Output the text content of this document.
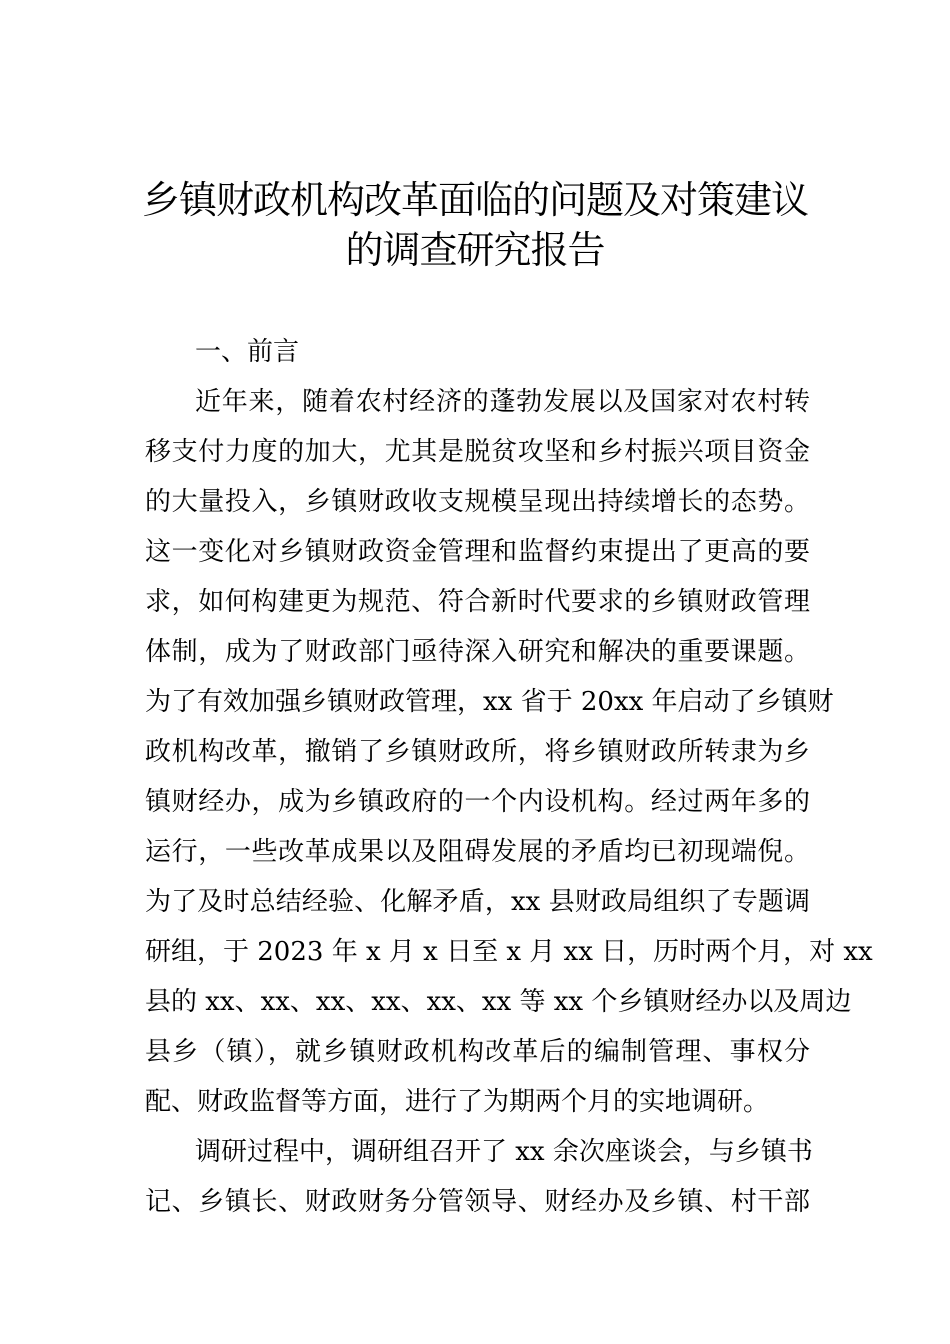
乡镇财政机构改革面临的问题及对策建议
的调查研究报告
一、前言
近年来，随着农村经济的蓬勃发展以及国家对农村转
移支付力度的加大，尤其是脱贫攻坚和乡村振兴项目资金
的大量投入，乡镇财政收支规模呈现出持续增长的态势。
这一变化对乡镇财政资金管理和监督约束提出了更高的要
求，如何构建更为规范、符合新时代要求的乡镇财政管理
体制，成为了财政部门亟待深入研究和解决的重要课题。
为了有效加强乡镇财政管理，xx 省于 20xx 年启动了乡镇财
政机构改革，撤销了乡镇财政所，将乡镇财政所转隶为乡
镇财经办，成为乡镇政府的一个内设机构。经过两年多的
运行，一些改革成果以及阻碍发展的矛盾均已初现端倪。
为了及时总结经验、化解矛盾，xx 县财政局组织了专题调
研组，于 2023 年 x 月 x 日至 x 月 xx 日，历时两个月，对 xx
县的 xx、xx、xx、xx、xx、xx 等 xx 个乡镇财经办以及周边
县乡（镇），就乡镇财政机构改革后的编制管理、事权分
配、财政监督等方面，进行了为期两个月的实地调研。
调研过程中，调研组召开了 xx 余次座谈会，与乡镇书
记、乡镇长、财政财务分管领导、财经办及乡镇、村干部
